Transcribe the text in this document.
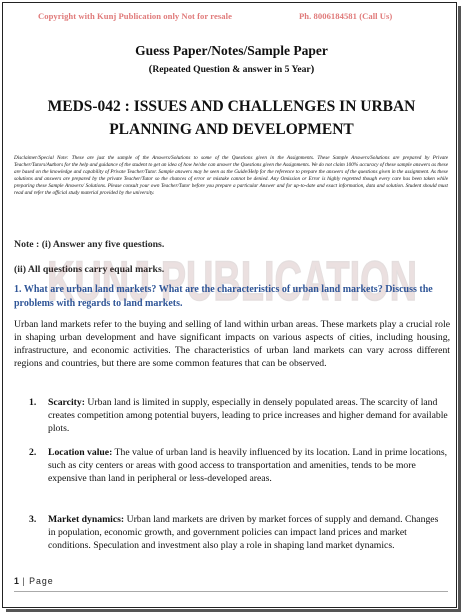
Copyright with Kunj Publication only Not for resale	Ph. 8006184581 (Call Us)
Guess Paper/Notes/Sample Paper
(Repeated Question & answer in 5 Year)
MEDS-042 : ISSUES AND CHALLENGES IN URBAN
PLANNING AND DEVELOPMENT
Disclaimer/Special Note: These are just the sample of the Answers/Solutions to some of the Questions given in the Assignments. These Sample Answers/Solutions are prepared by Private Teacher/Tutors/Authors for the help and guidance of the student to get an idea of how he/she can answer the Questions given the Assignments. We do not claim 100% accuracy of these sample answers as these are based on the knowledge and capability of Private Teacher/Tutor. Sample answers may be seen as the Guide/Help for the reference to prepare the answers of the questions given in the assignment. As these solutions and answers are prepared by the private Teacher/Tutor so the chances of error or mistake cannot be denied. Any Omission or Error is highly regretted though every care has been taken while preparing these Sample Answers/ Solutions. Please consult your own Teacher/Tutor before you prepare a particular Answer and for up-to-date and exact information, data and solution. Student should must read and refer the official study material provided by the university.
Note : (i) Answer any five questions.
(ii) All questions carry equal marks.
KUNJ PUBLICATION
1. What are urban land markets? What are the characteristics of urban land markets? Discuss the problems with regards to land markets.
Urban land markets refer to the buying and selling of land within urban areas. These markets play a crucial role in shaping urban development and have significant impacts on various aspects of cities, including housing, infrastructure, and economic activities. The characteristics of urban land markets can vary across different regions and countries, but there are some common features that can be observed.
1. Scarcity: Urban land is limited in supply, especially in densely populated areas. The scarcity of land creates competition among potential buyers, leading to price increases and higher demand for available plots.
2. Location value: The value of urban land is heavily influenced by its location. Land in prime locations, such as city centers or areas with good access to transportation and amenities, tends to be more expensive than land in peripheral or less-developed areas.
3. Market dynamics: Urban land markets are driven by market forces of supply and demand. Changes in population, economic growth, and government policies can impact land prices and market conditions. Speculation and investment also play a role in shaping land market dynamics.
1 | Page
